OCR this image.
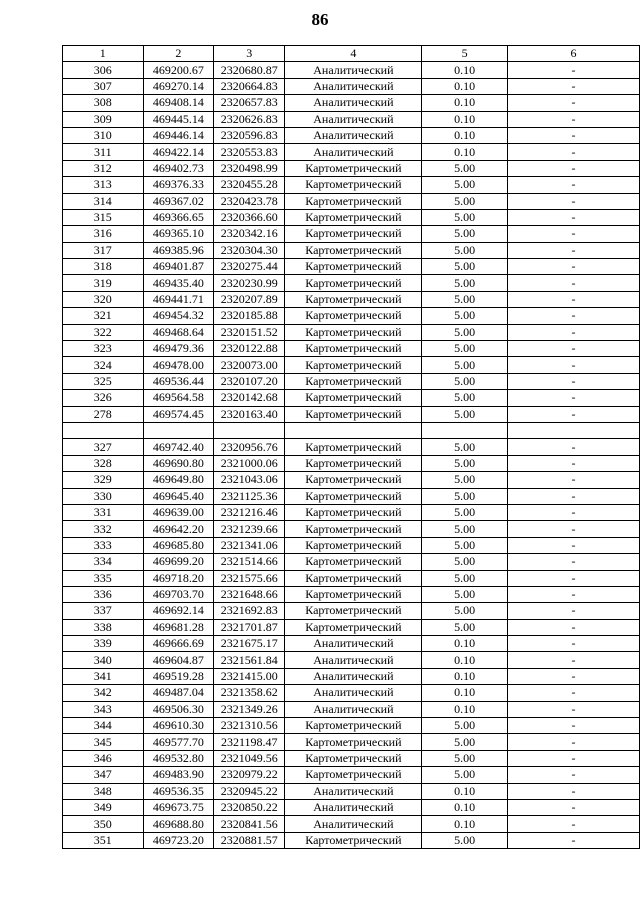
86
1	2	3	4	5	6
306	469200.67	2320680.87	Аналитический	0.10	-
307	469270.14	2320664.83	Аналитический	0.10	-
308	469408.14	2320657.83	Аналитический	0.10	-
309	469445.14	2320626.83	Аналитический	0.10	-
310	469446.14	2320596.83	Аналитический	0.10	-
311	469422.14	2320553.83	Аналитический	0.10	-
312	469402.73	2320498.99	Картометрический	5.00	-
313	469376.33	2320455.28	Картометрический	5.00	-
314	469367.02	2320423.78	Картометрический	5.00	-
315	469366.65	2320366.60	Картометрический	5.00	-
316	469365.10	2320342.16	Картометрический	5.00	-
317	469385.96	2320304.30	Картометрический	5.00	-
318	469401.87	2320275.44	Картометрический	5.00	-
319	469435.40	2320230.99	Картометрический	5.00	-
320	469441.71	2320207.89	Картометрический	5.00	-
321	469454.32	2320185.88	Картометрический	5.00	-
322	469468.64	2320151.52	Картометрический	5.00	-
323	469479.36	2320122.88	Картометрический	5.00	-
324	469478.00	2320073.00	Картометрический	5.00	-
325	469536.44	2320107.20	Картометрический	5.00	-
326	469564.58	2320142.68	Картометрический	5.00	-
278	469574.45	2320163.40	Картометрический	5.00	-

327	469742.40	2320956.76	Картометрический	5.00	-
328	469690.80	2321000.06	Картометрический	5.00	-
329	469649.80	2321043.06	Картометрический	5.00	-
330	469645.40	2321125.36	Картометрический	5.00	-
331	469639.00	2321216.46	Картометрический	5.00	-
332	469642.20	2321239.66	Картометрический	5.00	-
333	469685.80	2321341.06	Картометрический	5.00	-
334	469699.20	2321514.66	Картометрический	5.00	-
335	469718.20	2321575.66	Картометрический	5.00	-
336	469703.70	2321648.66	Картометрический	5.00	-
337	469692.14	2321692.83	Картометрический	5.00	-
338	469681.28	2321701.87	Картометрический	5.00	-
339	469666.69	2321675.17	Аналитический	0.10	-
340	469604.87	2321561.84	Аналитический	0.10	-
341	469519.28	2321415.00	Аналитический	0.10	-
342	469487.04	2321358.62	Аналитический	0.10	-
343	469506.30	2321349.26	Аналитический	0.10	-
344	469610.30	2321310.56	Картометрический	5.00	-
345	469577.70	2321198.47	Картометрический	5.00	-
346	469532.80	2321049.56	Картометрический	5.00	-
347	469483.90	2320979.22	Картометрический	5.00	-
348	469536.35	2320945.22	Аналитический	0.10	-
349	469673.75	2320850.22	Аналитический	0.10	-
350	469688.80	2320841.56	Аналитический	0.10	-
351	469723.20	2320881.57	Картометрический	5.00	-
